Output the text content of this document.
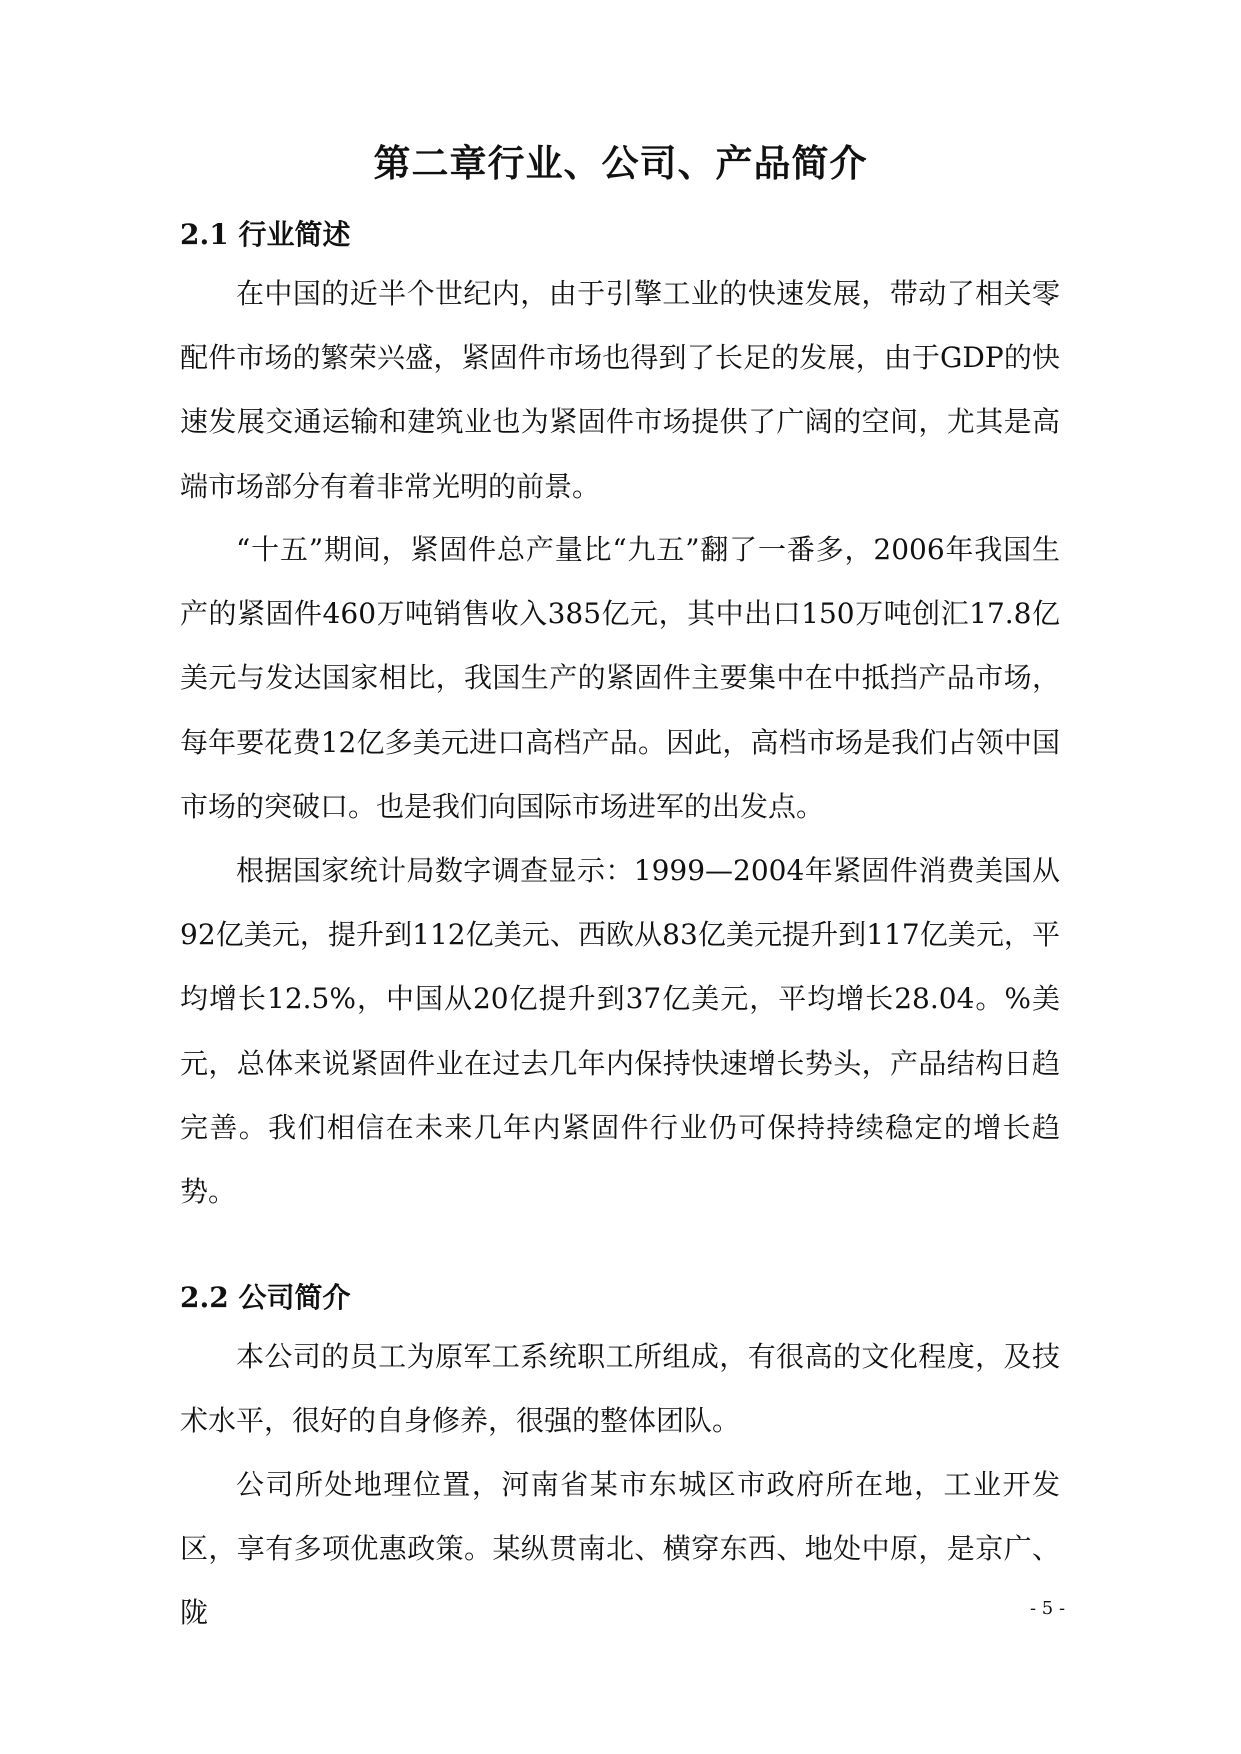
第二章行业、公司、产品简介
2.1 行业简述

在中国的近半个世纪内，由于引擎工业的快速发展，带动了相关零配件市场的繁荣兴盛，紧固件市场也得到了长足的发展，由于GDP的快速发展交通运输和建筑业也为紧固件市场提供了广阔的空间，尤其是高端市场部分有着非常光明的前景。

“十五”期间，紧固件总产量比“九五”翻了一番多，2006年我国生产的紧固件460万吨销售收入385亿元，其中出口150万吨创汇17.8亿美元与发达国家相比，我国生产的紧固件主要集中在中抵挡产品市场，每年要花费12亿多美元进口高档产品。因此，高档市场是我们占领中国市场的突破口。也是我们向国际市场进军的出发点。

根据国家统计局数字调查显示：1999—2004年紧固件消费美国从92亿美元，提升到112亿美元、西欧从83亿美元提升到117亿美元，平均增长12.5%，中国从20亿提升到37亿美元，平均增长28.04。%美元，总体来说紧固件业在过去几年内保持快速增长势头，产品结构日趋完善。我们相信在未来几年内紧固件行业仍可保持持续稳定的增长趋势。

2.2 公司简介

本公司的员工为原军工系统职工所组成，有很高的文化程度，及技术水平，很好的自身修养，很强的整体团队。

公司所处地理位置，河南省某市东城区市政府所在地，工业开发区，享有多项优惠政策。某纵贯南北、横穿东西、地处中原，是京广、陇	- 5 -
